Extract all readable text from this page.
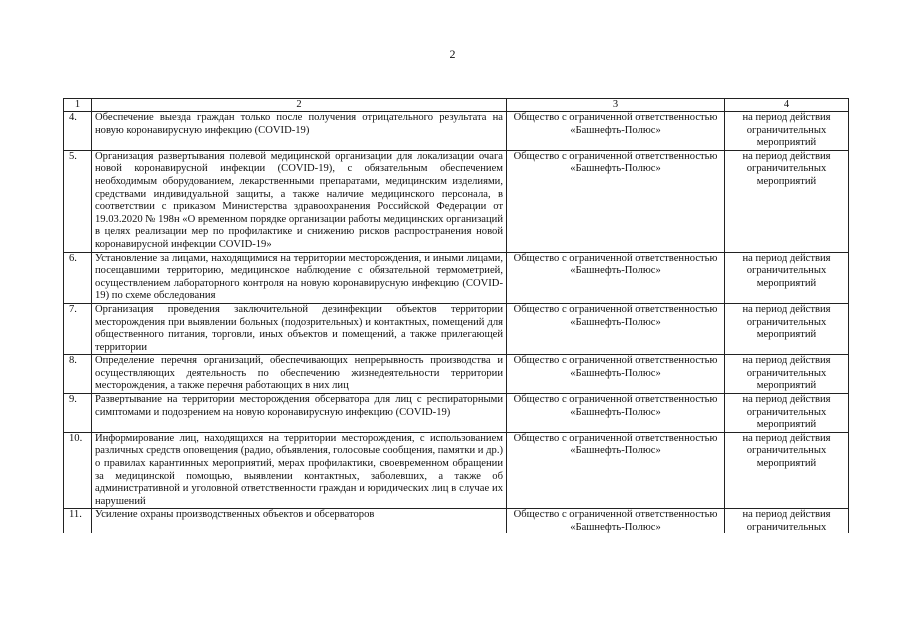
2
1	2	3	4
4.	Обеспечение выезда граждан только после получения отрицательного результата на новую коронавирусную инфекцию (COVID-19)	Общество с ограниченной ответственностью «Башнефть-Полюс»	на период действия ограничительных мероприятий
5.	Организация развертывания полевой медицинской организации для локализации очага новой коронавирусной инфекции (COVID-19), с обязательным обеспечением необходимым оборудованием, лекарственными препаратами, медицинским изделиями, средствами индивидуальной защиты, а также наличие медицинского персонала, в соответствии с приказом Министерства здравоохранения Российской Федерации от 19.03.2020 № 198н «О временном порядке организации работы медицинских организаций в целях реализации мер по профилактике и снижению рисков распространения новой коронавирусной инфекции COVID-19»	Общество с ограниченной ответственностью «Башнефть-Полюс»	на период действия ограничительных мероприятий
6.	Установление за лицами, находящимися на территории месторождения, и иными лицами, посещавшими территорию, медицинское наблюдение с обязательной термометрией, осуществлением лабораторного контроля на новую коронавирусную инфекцию (COVID-19) по схеме обследования	Общество с ограниченной ответственностью «Башнефть-Полюс»	на период действия ограничительных мероприятий
7.	Организация проведения заключительной дезинфекции объектов территории месторождения при выявлении больных (подозрительных) и контактных, помещений для общественного питания, торговли, иных объектов и помещений, а также прилегающей территории	Общество с ограниченной ответственностью «Башнефть-Полюс»	на период действия ограничительных мероприятий
8.	Определение перечня организаций, обеспечивающих непрерывность производства и осуществляющих деятельность по обеспечению жизнедеятельности территории месторождения, а также перечня работающих в них лиц	Общество с ограниченной ответственностью «Башнефть-Полюс»	на период действия ограничительных мероприятий
9.	Развертывание на территории месторождения обсерватора для лиц с респираторными симптомами и подозрением на новую коронавирусную инфекцию (COVID-19)	Общество с ограниченной ответственностью «Башнефть-Полюс»	на период действия ограничительных мероприятий
10.	Информирование лиц, находящихся на территории месторождения, с использованием различных средств оповещения (радио, объявления, голосовые сообщения, памятки и др.) о правилах карантинных мероприятий, мерах профилактики, своевременном обращении за медицинской помощью, выявлении контактных, заболевших, а также об административной и уголовной ответственности граждан и юридических лиц в случае их нарушений	Общество с ограниченной ответственностью «Башнефть-Полюс»	на период действия ограничительных мероприятий

11.	Усиление охраны производственных объектов и обсерваторов	Общество с ограниченной ответственностью «Башнефть-Полюс»	на период действия ограничительных
